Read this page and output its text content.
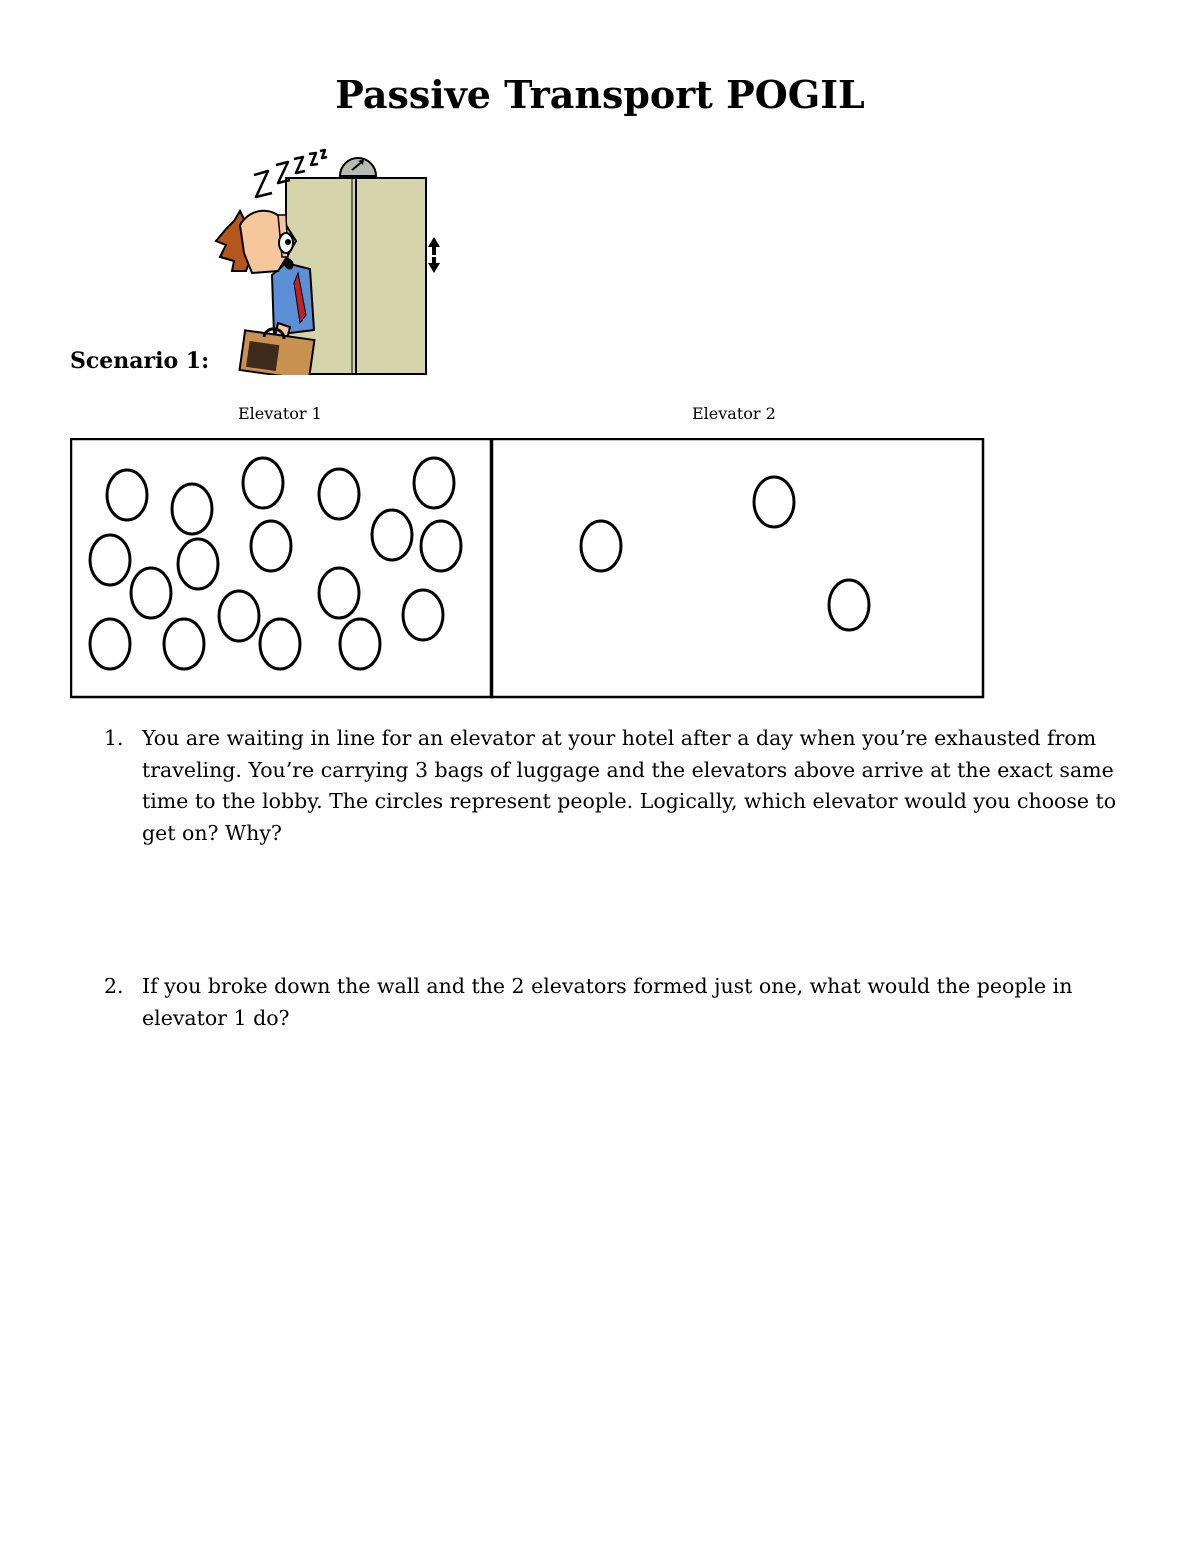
Passive Transport POGIL
Scenario 1:
Elevator 1	Elevator 2
1. You are waiting in line for an elevator at your hotel after a day when you’re exhausted from traveling. You’re carrying 3 bags of luggage and the elevators above arrive at the exact same time to the lobby. The circles represent people. Logically, which elevator would you choose to get on? Why?
2. If you broke down the wall and the 2 elevators formed just one, what would the people in elevator 1 do?
